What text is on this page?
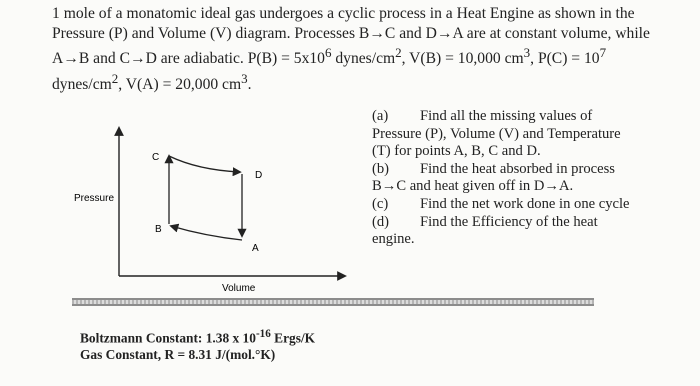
1 mole of a monatomic ideal gas undergoes a cyclic process in a Heat Engine as shown in the

Pressure (P) and Volume (V) diagram. Processes B→C and D→A are at constant volume, while

A→B and C→D are adiabatic. $P(B) = 5x10^6$ dynes/$cm^2$, V(B) = 10,000 $cm^3$, $P(C) = 10^7$

dynes/$cm^2$, V(A) = 20,000 $cm^3$.

C
D
B
A
Pressure
Volume

(a) Find all the missing values of

Pressure (P), Volume (V) and Temperature

(T) for points A, B, C and D.

(b) Find the heat absorbed in process

B→C and heat given off in D→A.

(c) Find the net work done in one cycle

(d) Find the Efficiency of the heat

engine.

Boltzmann Constant: 1.38 x $10^{-16}$ Ergs/K

Gas Constant, R = 8.31 J/(mol.°K)
